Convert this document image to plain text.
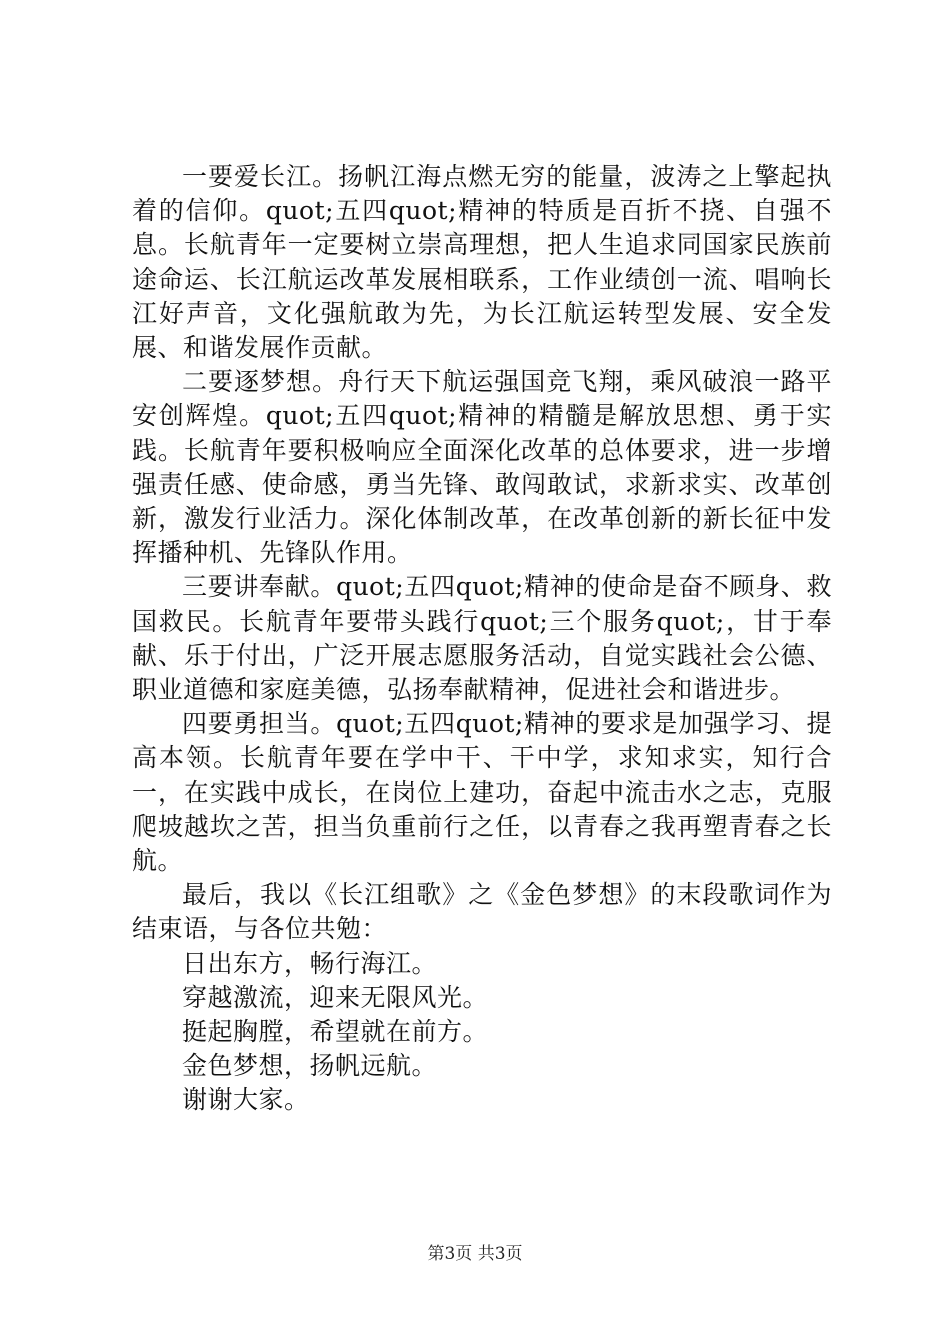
一要爱长江。扬帆江海点燃无穷的能量，波涛之上擎起执着的信仰。quot;五四quot;精神的特质是百折不挠、自强不息。长航青年一定要树立崇高理想，把人生追求同国家民族前途命运、长江航运改革发展相联系，工作业绩创一流、唱响长江好声音，文化强航敢为先，为长江航运转型发展、安全发展、和谐发展作贡献。

二要逐梦想。舟行天下航运强国竞飞翔，乘风破浪一路平安创辉煌。quot;五四quot;精神的精髓是解放思想、勇于实践。长航青年要积极响应全面深化改革的总体要求，进一步增强责任感、使命感，勇当先锋、敢闯敢试，求新求实、改革创新，激发行业活力。深化体制改革，在改革创新的新长征中发挥播种机、先锋队作用。

三要讲奉献。quot;五四quot;精神的使命是奋不顾身、救国救民。长航青年要带头践行quot;三个服务quot;，甘于奉献、乐于付出，广泛开展志愿服务活动，自觉实践社会公德、职业道德和家庭美德，弘扬奉献精神，促进社会和谐进步。

四要勇担当。quot;五四quot;精神的要求是加强学习、提高本领。长航青年要在学中干、干中学，求知求实，知行合一，在实践中成长，在岗位上建功，奋起中流击水之志，克服爬坡越坎之苦，担当负重前行之任，以青春之我再塑青春之长航。

最后，我以《长江组歌》之《金色梦想》的末段歌词作为结束语，与各位共勉：

日出东方，畅行海江。

穿越激流，迎来无限风光。

挺起胸膛，希望就在前方。

金色梦想，扬帆远航。

谢谢大家。

第3页 共3页
